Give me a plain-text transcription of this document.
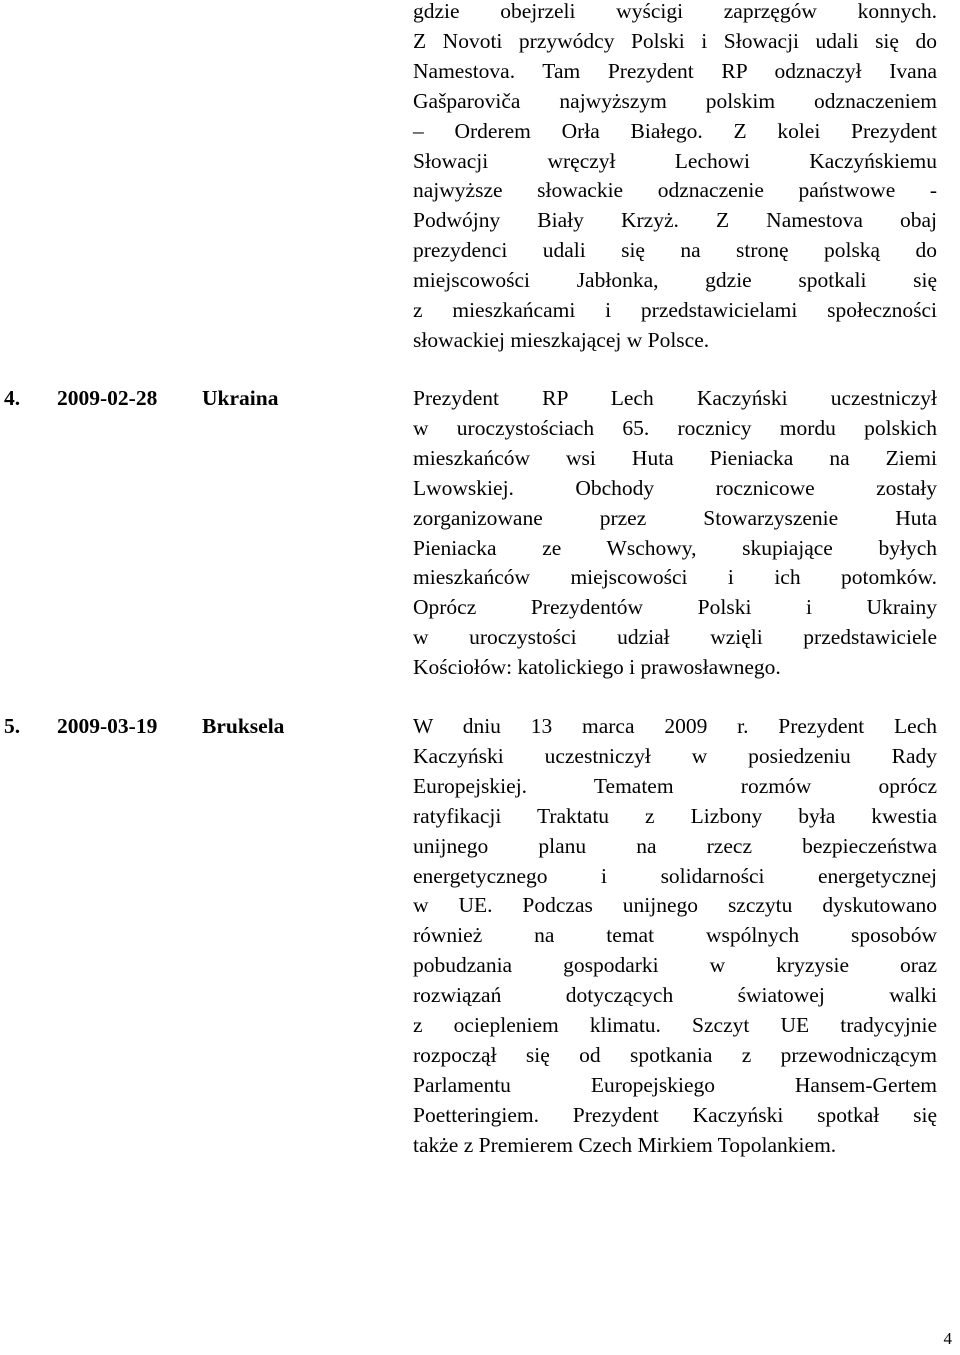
gdzie obejrzeli wyścigi zaprzęgów konnych.
Z Novoti przywódcy Polski i Słowacji udali się do
Namestova. Tam Prezydent RP odznaczył Ivana
Gašparoviča najwyższym polskim odznaczeniem
– Orderem Orła Białego. Z kolei Prezydent
Słowacji wręczył Lechowi Kaczyńskiemu
najwyższe słowackie odznaczenie państwowe -
Podwójny Biały Krzyż. Z Namestova obaj
prezydenci udali się na stronę polską do
miejscowości Jabłonka, gdzie spotkali się
z mieszkańcami i przedstawicielami społeczności
słowackiej mieszkającej w Polsce.
4. 2009-02-28 Ukraina	Prezydent RP Lech Kaczyński uczestniczył
w uroczystościach 65. rocznicy mordu polskich
mieszkańców wsi Huta Pieniacka na Ziemi
Lwowskiej. Obchody rocznicowe zostały
zorganizowane przez Stowarzyszenie Huta
Pieniacka ze Wschowy, skupiające byłych
mieszkańców miejscowości i ich potomków.
Oprócz Prezydentów Polski i Ukrainy
w uroczystości udział wzięli przedstawiciele
Kościołów: katolickiego i prawosławnego.
5. 2009-03-19 Bruksela	W dniu 13 marca 2009 r. Prezydent Lech
Kaczyński uczestniczył w posiedzeniu Rady
Europejskiej. Tematem rozmów oprócz
ratyfikacji Traktatu z Lizbony była kwestia
unijnego planu na rzecz bezpieczeństwa
energetycznego i solidarności energetycznej
w UE. Podczas unijnego szczytu dyskutowano
również na temat wspólnych sposobów
pobudzania gospodarki w kryzysie oraz
rozwiązań dotyczących światowej walki
z ociepleniem klimatu. Szczyt UE tradycyjnie
rozpoczął się od spotkania z przewodniczącym
Parlamentu Europejskiego Hansem-Gertem
Poetteringiem. Prezydent Kaczyński spotkał się
także z Premierem Czech Mirkiem Topolankiem.
4
